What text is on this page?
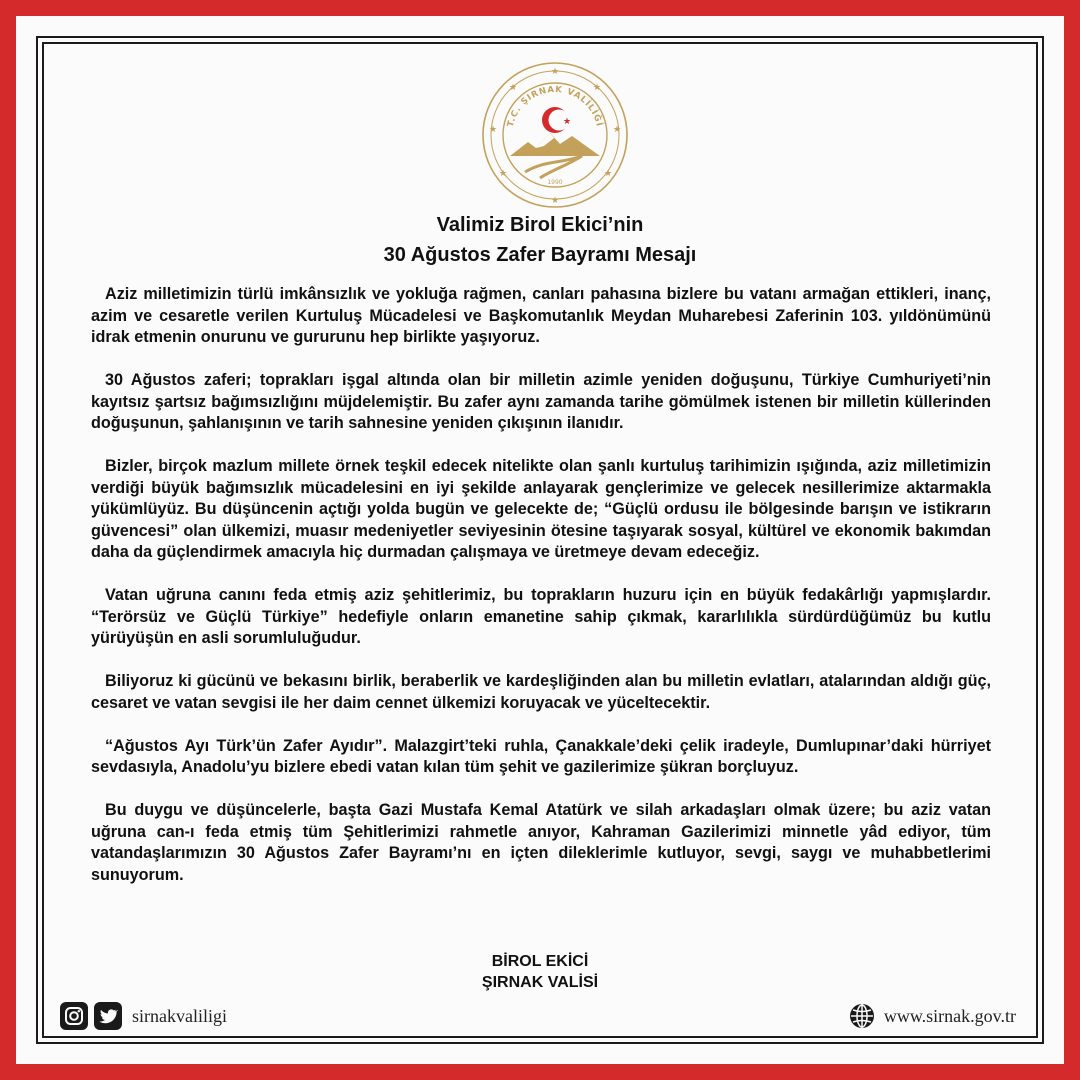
★
★
★
★
★
★
★
★
T.C. ŞIRNAK VALİLİĞİ
★
1990
Valimiz Birol Ekici’nin
30 Ağustos Zafer Bayramı Mesajı

Aziz milletimizin türlü imkânsızlık ve yokluğa rağmen, canları pahasına bizlere bu vatanı armağan ettikleri, inanç, azim ve cesaretle verilen Kurtuluş Mücadelesi ve Başkomutanlık Meydan Muharebesi Zaferinin 103. yıldönümünü idrak etmenin onurunu ve gururunu hep birlikte yaşıyoruz.

30 Ağustos zaferi; toprakları işgal altında olan bir milletin azimle yeniden doğuşunu, Türkiye Cumhuriyeti’nin kayıtsız şartsız bağımsızlığını müjdelemiştir. Bu zafer aynı zamanda tarihe gömülmek istenen bir milletin küllerinden doğuşunun, şahlanışının ve tarih sahnesine yeniden çıkışının ilanıdır.

Bizler, birçok mazlum millete örnek teşkil edecek nitelikte olan şanlı kurtuluş tarihimizin ışığında, aziz milletimizin verdiği büyük bağımsızlık mücadelesini en iyi şekilde anlayarak gençlerimize ve gelecek nesillerimize aktarmakla yükümlüyüz. Bu düşüncenin açtığı yolda bugün ve gelecekte de; “Güçlü ordusu ile bölgesinde barışın ve istikrarın güvencesi” olan ülkemizi, muasır medeniyetler seviyesinin ötesine taşıyarak sosyal, kültürel ve ekonomik bakımdan daha da güçlendirmek amacıyla hiç durmadan çalışmaya ve üretmeye devam edeceğiz.

Vatan uğruna canını feda etmiş aziz şehitlerimiz, bu toprakların huzuru için en büyük fedakârlığı yapmışlardır. “Terörsüz ve Güçlü Türkiye” hedefiyle onların emanetine sahip çıkmak, kararlılıkla sürdürdüğümüz bu kutlu yürüyüşün en asli sorumluluğudur.

Biliyoruz ki gücünü ve bekasını birlik, beraberlik ve kardeşliğinden alan bu milletin evlatları, atalarından aldığı güç, cesaret ve vatan sevgisi ile her daim cennet ülkemizi koruyacak ve yüceltecektir.

“Ağustos Ayı Türk’ün Zafer Ayıdır”. Malazgirt’teki ruhla, Çanakkale’deki çelik iradeyle, Dumlupınar’daki hürriyet sevdasıyla, Anadolu’yu bizlere ebedi vatan kılan tüm şehit ve gazilerimize şükran borçluyuz.

Bu duygu ve düşüncelerle, başta Gazi Mustafa Kemal Atatürk ve silah arkadaşları olmak üzere; bu aziz vatan uğruna can-ı feda etmiş tüm Şehitlerimizi rahmetle anıyor, Kahraman Gazilerimizi minnetle yâd ediyor, tüm vatandaşlarımızın 30 Ağustos Zafer Bayramı’nı en içten dileklerimle kutluyor, sevgi, saygı ve muhabbetlerimi sunuyorum.

BİROL EKİCİ
ŞIRNAK VALİSİ
sirnakvaliligi	www.sirnak.gov.tr
